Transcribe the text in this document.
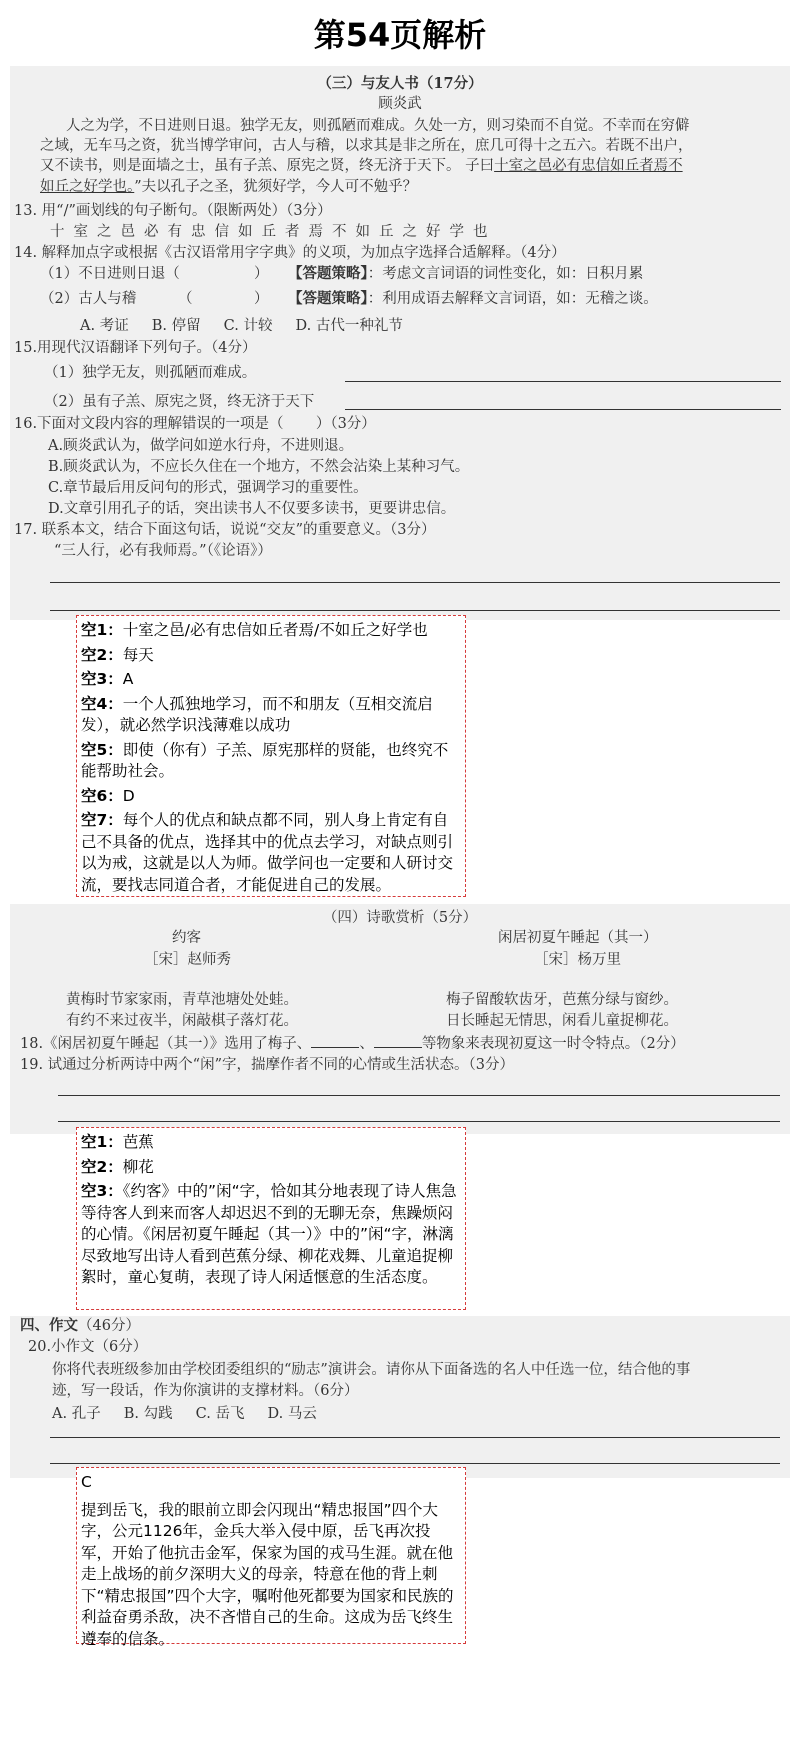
第54页解析
（三）与友人书（17分）
顾炎武
人之为学，不日进则日退。独学无友，则孤陋而难成。久处一方，则习染而不自觉。不幸而在穷僻
之域，无车马之资，犹当博学审问，古人与稽，以求其是非之所在，庶几可得十之五六。若既不出户，
又不读书，则是面墙之士，虽有子羔、原宪之贤，终无济于天下。 子曰十室之邑必有忠信如丘者焉不
如丘之好学也。”夫以孔子之圣，犹须好学，今人可不勉乎？
13. 用“/”画划线的句子断句。（限断两处）（3分）
十室之邑必有忠信如丘者焉不如丘之好学也
14. 解释加点字或根据《古汉语常用字字典》的义项，为加点字选择合适解释。（4分）
（1）不日进则日退（	） 【答题策略】：考虑文言词语的词性变化，如：日积月累
（2）古人与稽	（	） 【答题策略】：利用成语去解释文言词语，如：无稽之谈。
A. 考证     B. 停留     C. 计较     D. 古代一种礼节
15.用现代汉语翻译下列句子。（4分）
（1）独学无友，则孤陋而难成。
（2）虽有子羔、原宪之贤，终无济于天下
16.下面对文段内容的理解错误的一项是（       ）（3分）
A.顾炎武认为，做学问如逆水行舟，不进则退。
B.顾炎武认为，不应长久住在一个地方，不然会沾染上某种习气。
C.章节最后用反问句的形式，强调学习的重要性。
D.文章引用孔子的话，突出读书人不仅要多读书，更要讲忠信。
17. 联系本文，结合下面这句话，说说“交友”的重要意义。（3分）
“三人行，必有我师焉。”（《论语》）
空1：十室之邑/必有忠信如丘者焉/不如丘之好学也
空2：每天
空3：A
空4：一个人孤独地学习，而不和朋友（互相交流启发），就必然学识浅薄难以成功
空5：即使（你有）子羔、原宪那样的贤能，也终究不能帮助社会。
空6：D
空7：每个人的优点和缺点都不同，别人身上肯定有自己不具备的优点，选择其中的优点去学习，对缺点则引以为戒，这就是以人为师。做学问也一定要和人研讨交流，要找志同道合者，才能促进自己的发展。
（四）诗歌赏析（5分）
约客
［宋］赵师秀
黄梅时节家家雨，青草池塘处处蛙。
有约不来过夜半，闲敲棋子落灯花。
闲居初夏午睡起（其一）
［宋］杨万里
梅子留酸软齿牙，芭蕉分绿与窗纱。
日长睡起无情思，闲看儿童捉柳花。
18.《闲居初夏午睡起（其一）》选用了梅子、	、	等物象来表现初夏这一时令特点。（2分）
19. 试通过分析两诗中两个“闲”字，揣摩作者不同的心情或生活状态。（3分）
空1：芭蕉
空2：柳花
空3：《约客》中的”闲“字，恰如其分地表现了诗人焦急等待客人到来而客人却迟迟不到的无聊无奈，焦躁烦闷的心情。《闲居初夏午睡起（其一）》中的”闲“字，淋漓尽致地写出诗人看到芭蕉分绿、柳花戏舞、儿童追捉柳絮时，童心复萌，表现了诗人闲适惬意的生活态度。
四、作文（46分）
20.小作文（6分）
你将代表班级参加由学校团委组织的“励志”演讲会。请你从下面备选的名人中任选一位，结合他的事
迹，写一段话，作为你演讲的支撑材料。（6分）
A. 孔子     B. 勾践     C. 岳飞     D. 马云
C
提到岳飞，我的眼前立即会闪现出“精忠报国”四个大字，公元1126年，金兵大举入侵中原，岳飞再次投军，开始了他抗击金军，保家为国的戎马生涯。就在他走上战场的前夕深明大义的母亲，特意在他的背上刺下“精忠报国”四个大字，嘱咐他死都要为国家和民族的利益奋勇杀敌，决不吝惜自己的生命。这成为岳飞终生遵奉的信条。
